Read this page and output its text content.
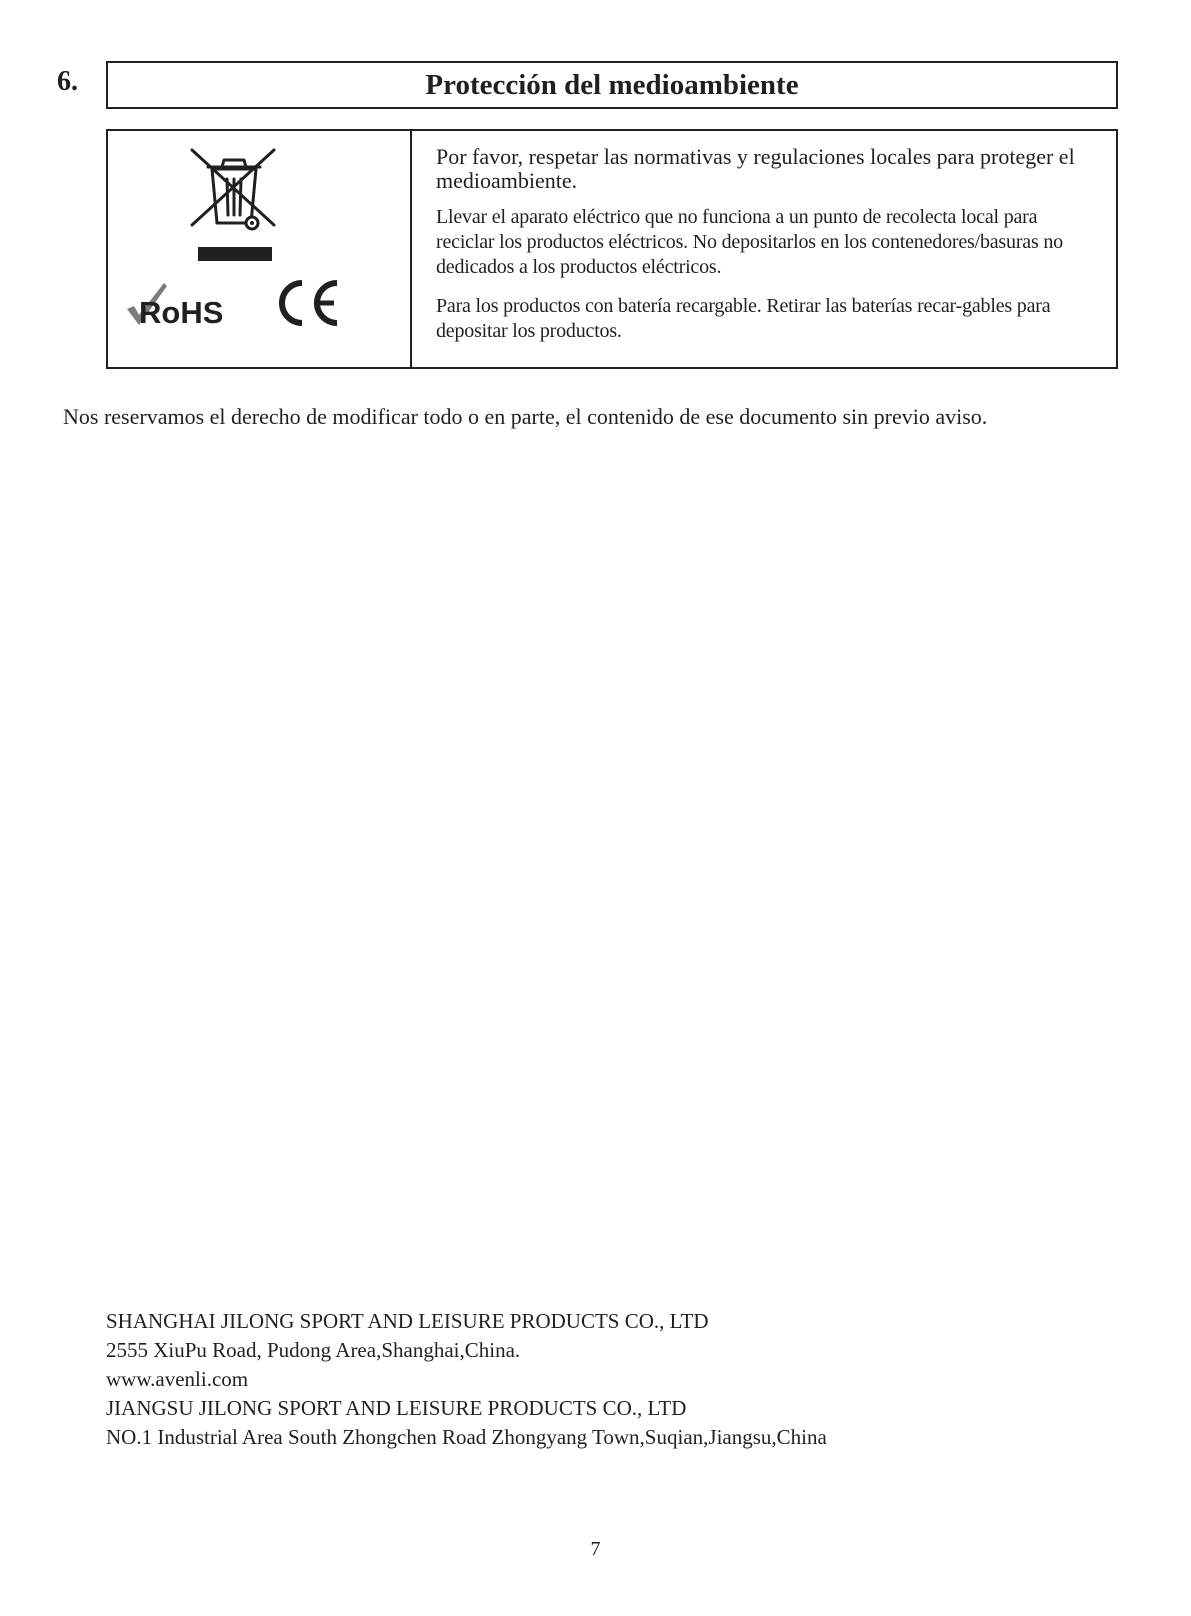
6.	Protección del medioambiente
RoHS

Por favor, respetar las normativas y regulaciones locales para proteger el medioambiente.

Llevar el aparato eléctrico que no funciona a un punto de recolecta local para reciclar los productos eléctricos. No depositarlos en los contenedores/basuras no dedicados a los productos eléctricos.

Para los productos con batería recargable. Retirar las baterías recar-gables para depositar los productos.

Nos reservamos el derecho de modificar todo o en parte, el contenido de ese documento sin previo aviso.

SHANGHAI JILONG SPORT AND LEISURE PRODUCTS CO., LTD
2555 XiuPu Road, Pudong Area,Shanghai,China.
www.avenli.com
JIANGSU JILONG SPORT AND LEISURE PRODUCTS CO., LTD
NO.1 Industrial Area South Zhongchen Road Zhongyang Town,Suqian,Jiangsu,China
7
